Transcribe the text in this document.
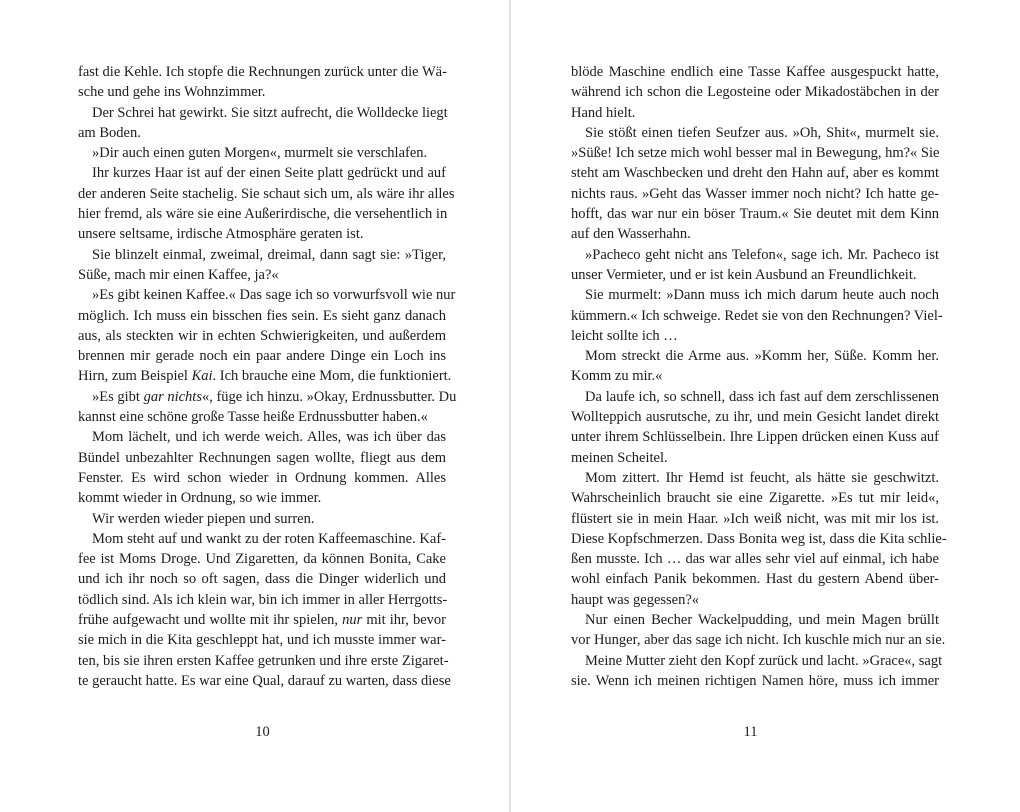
fast die Kehle. Ich stopfe die Rechnungen zurück unter die Wä-
sche und gehe ins Wohnzimmer.
Der Schrei hat gewirkt. Sie sitzt aufrecht, die Wolldecke liegt
am Boden.
»Dir auch einen guten Morgen«, murmelt sie verschlafen.
Ihr kurzes Haar ist auf der einen Seite platt gedrückt und auf
der anderen Seite stachelig. Sie schaut sich um, als wäre ihr alles
hier fremd, als wäre sie eine Außerirdische, die versehentlich in
unsere seltsame, irdische Atmosphäre geraten ist.
Sie blinzelt einmal, zweimal, dreimal, dann sagt sie: »Tiger,
Süße, mach mir einen Kaffee, ja?«
»Es gibt keinen Kaffee.« Das sage ich so vorwurfsvoll wie nur
möglich. Ich muss ein bisschen fies sein. Es sieht ganz danach
aus, als steckten wir in echten Schwierigkeiten, und außerdem
brennen mir gerade noch ein paar andere Dinge ein Loch ins
Hirn, zum Beispiel Kai. Ich brauche eine Mom, die funktioniert.
»Es gibt gar nichts«, füge ich hinzu. »Okay, Erdnussbutter. Du
kannst eine schöne große Tasse heiße Erdnussbutter haben.«
Mom lächelt, und ich werde weich. Alles, was ich über das
Bündel unbezahlter Rechnungen sagen wollte, fliegt aus dem
Fenster. Es wird schon wieder in Ordnung kommen. Alles
kommt wieder in Ordnung, so wie immer.
Wir werden wieder piepen und surren.
Mom steht auf und wankt zu der roten Kaffeemaschine. Kaf-
fee ist Moms Droge. Und Zigaretten, da können Bonita, Cake
und ich ihr noch so oft sagen, dass die Dinger widerlich und
tödlich sind. Als ich klein war, bin ich immer in aller Herrgotts-
frühe aufgewacht und wollte mit ihr spielen, nur mit ihr, bevor
sie mich in die Kita geschleppt hat, und ich musste immer war-
ten, bis sie ihren ersten Kaffee getrunken und ihre erste Zigaret-
te geraucht hatte. Es war eine Qual, darauf zu warten, dass diese
10
blöde Maschine endlich eine Tasse Kaffee ausgespuckt hatte,
während ich schon die Legosteine oder Mikadostäbchen in der
Hand hielt.
Sie stößt einen tiefen Seufzer aus. »Oh, Shit«, murmelt sie.
»Süße! Ich setze mich wohl besser mal in Bewegung, hm?« Sie
steht am Waschbecken und dreht den Hahn auf, aber es kommt
nichts raus. »Geht das Wasser immer noch nicht? Ich hatte ge-
hofft, das war nur ein böser Traum.« Sie deutet mit dem Kinn
auf den Wasserhahn.
»Pacheco geht nicht ans Telefon«, sage ich. Mr. Pacheco ist
unser Vermieter, und er ist kein Ausbund an Freundlichkeit.
Sie murmelt: »Dann muss ich mich darum heute auch noch
kümmern.« Ich schweige. Redet sie von den Rechnungen? Viel-
leicht sollte ich …
Mom streckt die Arme aus. »Komm her, Süße. Komm her.
Komm zu mir.«
Da laufe ich, so schnell, dass ich fast auf dem zerschlissenen
Wollteppich ausrutsche, zu ihr, und mein Gesicht landet direkt
unter ihrem Schlüsselbein. Ihre Lippen drücken einen Kuss auf
meinen Scheitel.
Mom zittert. Ihr Hemd ist feucht, als hätte sie geschwitzt.
Wahrscheinlich braucht sie eine Zigarette. »Es tut mir leid«,
flüstert sie in mein Haar. »Ich weiß nicht, was mit mir los ist.
Diese Kopfschmerzen. Dass Bonita weg ist, dass die Kita schlie-
ßen musste. Ich … das war alles sehr viel auf einmal, ich habe
wohl einfach Panik bekommen. Hast du gestern Abend über-
haupt was gegessen?«
Nur einen Becher Wackelpudding, und mein Magen brüllt
vor Hunger, aber das sage ich nicht. Ich kuschle mich nur an sie.
Meine Mutter zieht den Kopf zurück und lacht. »Grace«, sagt
sie. Wenn ich meinen richtigen Namen höre, muss ich immer
11
